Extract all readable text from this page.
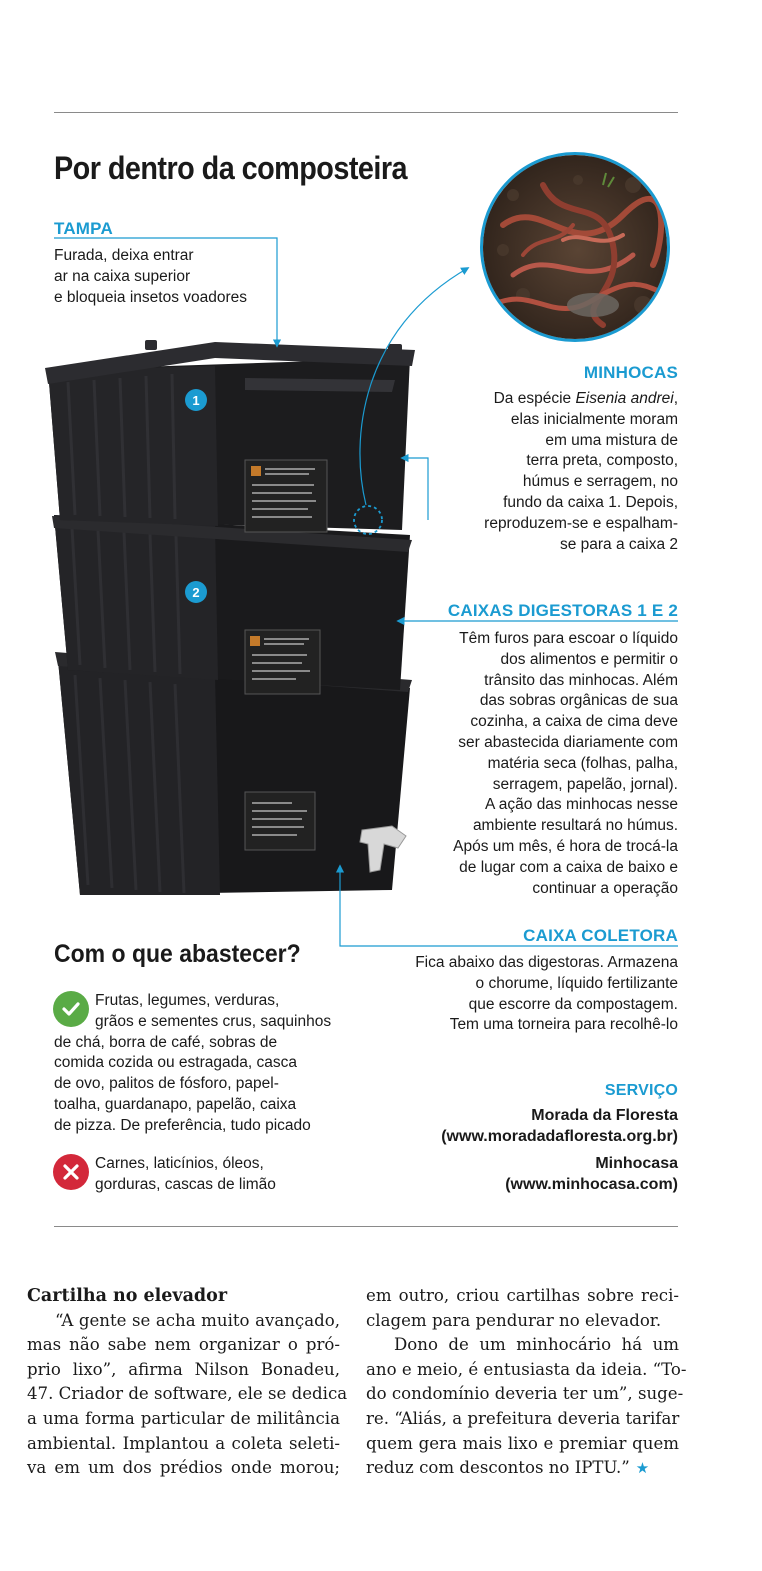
Por dentro da composteira
TAMPA
Furada, deixa entrar
ar na caixa superior
e bloqueia insetos voadores
MINHOCAS
Da espécie Eisenia andrei,
elas inicialmente moram
em uma mistura de
terra preta, composto,
húmus e serragem, no
fundo da caixa 1. Depois,
reproduzem-se e espalham-
se para a caixa 2
CAIXAS DIGESTORAS 1 E 2
Têm furos para escoar o líquido
dos alimentos e permitir o
trânsito das minhocas. Além
das sobras orgânicas de sua
cozinha, a caixa de cima deve
ser abastecida diariamente com
matéria seca (folhas, palha,
serragem, papelão, jornal).
A ação das minhocas nesse
ambiente resultará no húmus.
Após um mês, é hora de trocá-la
de lugar com a caixa de baixo e
continuar a operação
CAIXA COLETORA
Fica abaixo das digestoras. Armazena
o chorume, líquido fertilizante
que escorre da compostagem.
Tem uma torneira para recolhê-lo
1
2
Com o que abastecer?
Frutas, legumes, verduras,
grãos e sementes crus, saquinhos
de chá, borra de café, sobras de
comida cozida ou estragada, casca
de ovo, palitos de fósforo, papel-
toalha, guardanapo, papelão, caixa
de pizza. De preferência, tudo picado
Carnes, laticínios, óleos,
gorduras, cascas de limão
SERVIÇO
Morada da Floresta
(www.moradadafloresta.org.br)
Minhocasa
(www.minhocasa.com)
Cartilha no elevador
“A gente se acha muito avançado,
mas não sabe nem organizar o pró-
prio lixo”, afirma Nilson Bonadeu,
47. Criador de software, ele se dedica
a uma forma particular de militância
ambiental. Implantou a coleta seleti-
va em um dos prédios onde morou;
em outro, criou cartilhas sobre reci-
clagem para pendurar no elevador.
Dono de um minhocário há um
ano e meio, é entusiasta da ideia. “To-
do condomínio deveria ter um”, suge-
re. “Aliás, a prefeitura deveria tarifar
quem gera mais lixo e premiar quem
reduz com descontos no IPTU.” ★
